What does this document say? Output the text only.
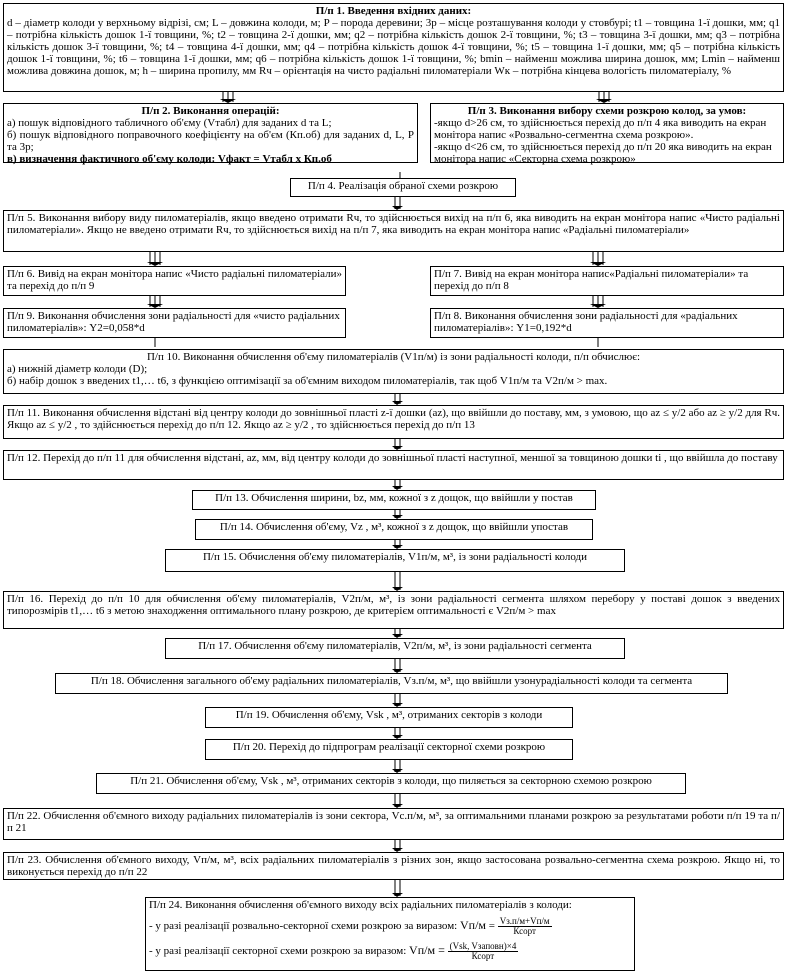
П/п 1. Введення вхідних даних:
d – діаметр колоди у верхньому відрізі, см; L – довжина колоди, м; P – порода деревини; 3р – місце розташування колоди у стовбурі; t1 – товщина 1-ї дошки, мм; q1 – потрібна кількість дошок 1-ї товщини, %; t2 – товщина 2-ї дошки, мм; q2 – потрібна кількість дошок 2-ї товщини, %; t3 – товщина 3-ї дошки, мм; q3 – потрібна кількість дошок 3-ї товщини, %; t4 – товщина 4-ї дошки, мм; q4 – потрібна кількість дошок 4-ї товщини, %; t5 – товщина 1-ї дошки, мм; q5 – потрібна кількість дошок 1-ї товщини, %; t6 – товщина 1-ї дошки, мм; q6 – потрібна кількість дошок 1-ї товщини, %; bmin – найменш можлива ширина дошок, мм; Lmin – найменш можлива довжина дошок, м; h – ширина пропилу, мм Rч – орієнтація на чисто радіальні пиломатеріали Wк – потрібна кінцева вологість пиломатеріалу, %
П/п 2. Виконання операцій:
а) пошук відповідного табличного об'єму (Vтабл) для заданих d та L;
б) пошук відповідного поправочного коефіцієнту на об'єм (Кп.об) для заданих d, L, P та 3р;
в) визначення фактичного об'єму колоди: Vфакт = Vтабл x Кп.об
П/п 3. Виконання вибору схеми розкрою колод, за умов:
-якщо d>26 см, то здійснюється перехід до п/п 4 яка виводить на екран монітора напис «Розвально-сегментна схема розкрою».
-якщо d<26 см, то здійснюється перехід до п/п 20 яка виводить на екран монітора напис «Секторна схема розкрою»
П/п 4. Реалізація обраної схеми розкрою
П/п 5. Виконання вибору виду пиломатеріалів, якщо введено отримати Rч, то здійснюється вихід на п/п 6, яка виводить на екран монітора напис «Чисто радіальні пиломатеріали». Якщо не введено отримати Rч, то здійснюється вихід на п/п 7, яка виводить на екран монітора напис «Радіальні пиломатеріали»
П/п 6. Вивід на екран монітора напис «Чисто радіальні пиломатеріали» та перехід до п/п 9
П/п 7. Вивід на екран монітора напис«Радіальні пиломатеріали» та перехід до п/п 8
П/п 9. Виконання обчислення зони радіальності для «чисто радіальних пиломатеріалів»: Y2=0,058*d
П/п 8. Виконання обчислення зони радіальності для «радіальних пиломатеріалів»: Y1=0,192*d
П/п 10. Виконання обчислення об'єму пиломатеріалів (V1п/м) із зони радіальності колоди, п/п обчислює:
а) нижній діаметр колоди (D);
б) набір дошок з введених t1,… t6, з функцією оптимізації за об'ємним виходом пиломатеріалів, так щоб V1п/м та V2п/м > max.
П/п 11. Виконання обчислення відстані від центру колоди до зовнішньої пласті z-ї дошки (az), що ввійшли до поставу, мм, з умовою, що az ≤ y/2 або az ≥ y/2 для Rч. Якщо az ≤ y/2 , то здійснюється перехід до п/п 12. Якщо az ≥ y/2 , то здійснюється перехід до п/п 13
П/п 12. Перехід до п/п 11 для обчислення відстані, az, мм, від центру колоди до зовнішньої пласті наступної, меншої за товщиною дошки ti , що ввійшла до поставу
П/п 13. Обчислення ширини, bz, мм, кожної з z дощок, що ввійшли у постав
П/п 14. Обчислення об'єму, Vz , м³, кожної з z дощок, що ввійшли упостав
П/п 15. Обчислення об'єму пиломатеріалів, V1п/м, м³, із зони радіальності колоди
П/п 16. Перехід до п/п 10 для обчислення об'єму пиломатеріалів, V2п/м, м³, із зони радіальності сегмента шляхом перебору у поставі дошок з введених типорозмірів t1,… t6 з метою знаходження оптимального плану розкрою, де критерієм оптимальності є V2п/м > max
П/п 17. Обчислення об'єму пиломатеріалів, V2п/м, м³, із зони радіальності сегмента
П/п 18. Обчислення загального об'єму радіальних пиломатеріалів, Vз.п/м, м³, що ввійшли узонурадіальності колоди та сегмента
П/п 19. Обчислення об'єму, Vsk , м³, отриманих секторів з колоди
П/п 20. Перехід до підпрограм реалізації секторної схеми розкрою
П/п 21. Обчислення об'єму, Vsk , м³, отриманих секторів з колоди, що пиляється за секторною схемою розкрою
П/п 22. Обчислення об'ємного виходу радіальних пиломатеріалів із зони сектора, Vс.п/м, м³, за оптимальними планами розкрою за результатами роботи п/п 19 та п/п 21
П/п 23. Обчислення об'ємного виходу, Vп/м, м³, всіх радіальних пиломатеріалів з різних зон, якщо застосована розвально-сегментна схема розкрою. Якщо ні, то виконується перехід до п/п 22
П/п 24. Виконання обчислення об'ємного виходу всіх радіальних пиломатеріалів з колоди:
- у разі реалізації розвально-секторної схеми розкрою за виразом: $Vп/м = \frac{Vз.п/м+Vп/м}{\text{Ксорт}}$
- у разі реалізації секторної схеми розкрою за виразом: $Vп/м = \frac{\text{(Vsk, Vзаповн)×4}}{\text{Ксорт}}$
